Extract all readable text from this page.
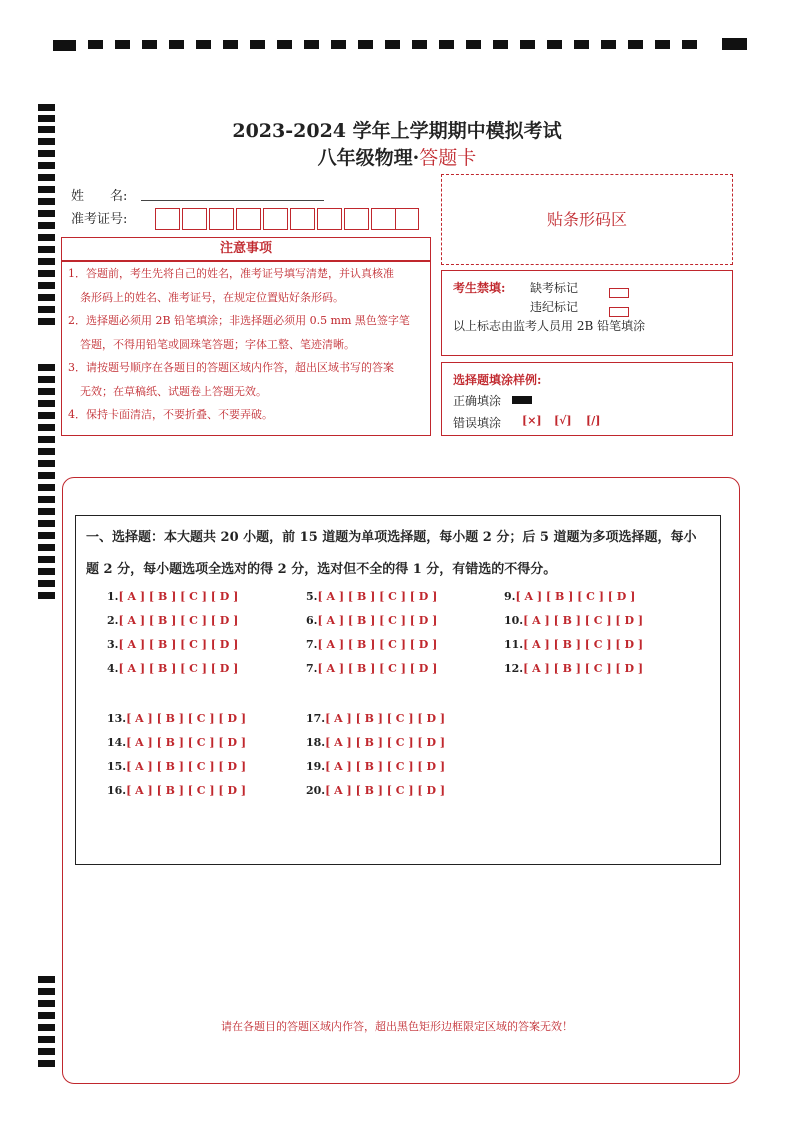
2023-2024 学年上学期期中模拟考试
八年级物理·答题卡
姓　　名:
准考证号:	贴条形码区
注意事项

1．答题前，考生先将自己的姓名，准考证号填写清楚，并认真核准

条形码上的姓名、准考证号，在规定位置贴好条形码。

2．选择题必须用 2B 铅笔填涂；非选择题必须用 0.5 mm 黑色签字笔

答题，不得用铅笔或圆珠笔答题；字体工整、笔迹清晰。

3．请按题号顺序在各题目的答题区域内作答，超出区域书写的答案

无效；在草稿纸、试题卷上答题无效。

4．保持卡面清洁，不要折叠、不要弄破。

考生禁填: 缺考标记
违纪标记
以上标志由监考人员用 2B 铅笔填涂
选择题填涂样例:
正确填涂
错误填涂 [×] [√] [/]
一、选择题：本大题共 20 小题，前 15 道题为单项选择题，每小题 2 分；后 5 道题为多项选择题，每小
题 2 分，每小题选项全选对的得 2 分，选对但不全的得 1 分，有错选的不得分。
1.[ A ] [ B ] [ C ] [ D ]
2.[ A ] [ B ] [ C ] [ D ]
3.[ A ] [ B ] [ C ] [ D ]
4.[ A ] [ B ] [ C ] [ D ]
5.[ A ] [ B ] [ C ] [ D ]
6.[ A ] [ B ] [ C ] [ D ]
7.[ A ] [ B ] [ C ] [ D ]
7.[ A ] [ B ] [ C ] [ D ]
9.[ A ] [ B ] [ C ] [ D ]
10.[ A ] [ B ] [ C ] [ D ]
11.[ A ] [ B ] [ C ] [ D ]
12.[ A ] [ B ] [ C ] [ D ]
13.[ A ] [ B ] [ C ] [ D ]
14.[ A ] [ B ] [ C ] [ D ]
15.[ A ] [ B ] [ C ] [ D ]
16.[ A ] [ B ] [ C ] [ D ]
17.[ A ] [ B ] [ C ] [ D ]
18.[ A ] [ B ] [ C ] [ D ]
19.[ A ] [ B ] [ C ] [ D ]
20.[ A ] [ B ] [ C ] [ D ]
请在各题目的答题区域内作答，超出黑色矩形边框限定区域的答案无效！
